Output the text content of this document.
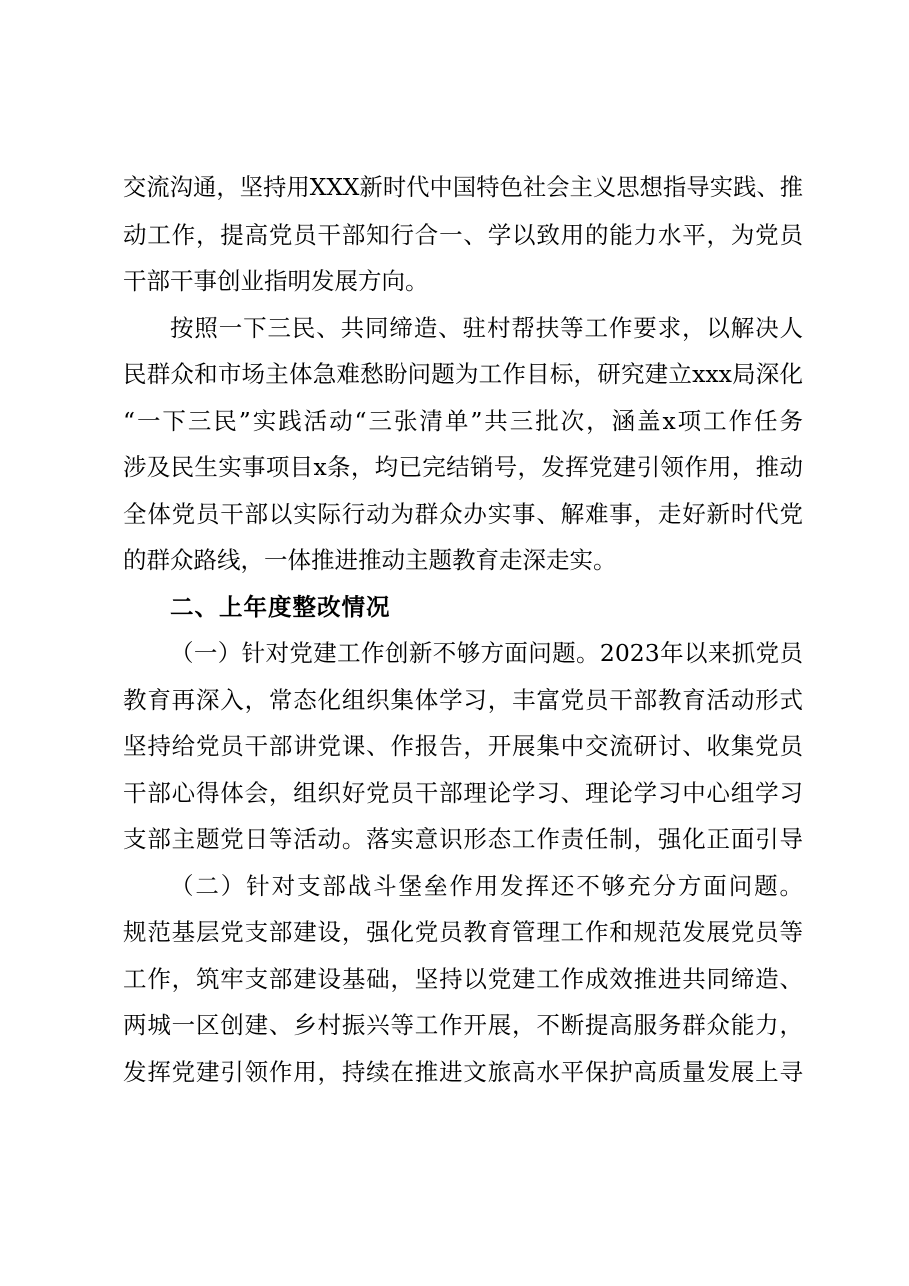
交流沟通，坚持用XXX新时代中国特色社会主义思想指导实践、推
动工作，提高党员干部知行合一、学以致用的能力水平，为党员
干部干事创业指明发展方向。
按照一下三民、共同缔造、驻村帮扶等工作要求，以解决人
民群众和市场主体急难愁盼问题为工作目标，研究建立xxx局深化
“一下三民”实践活动“三张清单”共三批次，涵盖x项工作任务
涉及民生实事项目x条，均已完结销号，发挥党建引领作用，推动
全体党员干部以实际行动为群众办实事、解难事，走好新时代党
的群众路线，一体推进推动主题教育走深走实。
二、上年度整改情况
（一）针对党建工作创新不够方面问题。2023年以来抓党员
教育再深入，常态化组织集体学习，丰富党员干部教育活动形式
坚持给党员干部讲党课、作报告，开展集中交流研讨、收集党员
干部心得体会，组织好党员干部理论学习、理论学习中心组学习
支部主题党日等活动。落实意识形态工作责任制，强化正面引导
（二）针对支部战斗堡垒作用发挥还不够充分方面问题。
规范基层党支部建设，强化党员教育管理工作和规范发展党员等
工作，筑牢支部建设基础，坚持以党建工作成效推进共同缔造、
两城一区创建、乡村振兴等工作开展，不断提高服务群众能力，
发挥党建引领作用，持续在推进文旅高水平保护高质量发展上寻
